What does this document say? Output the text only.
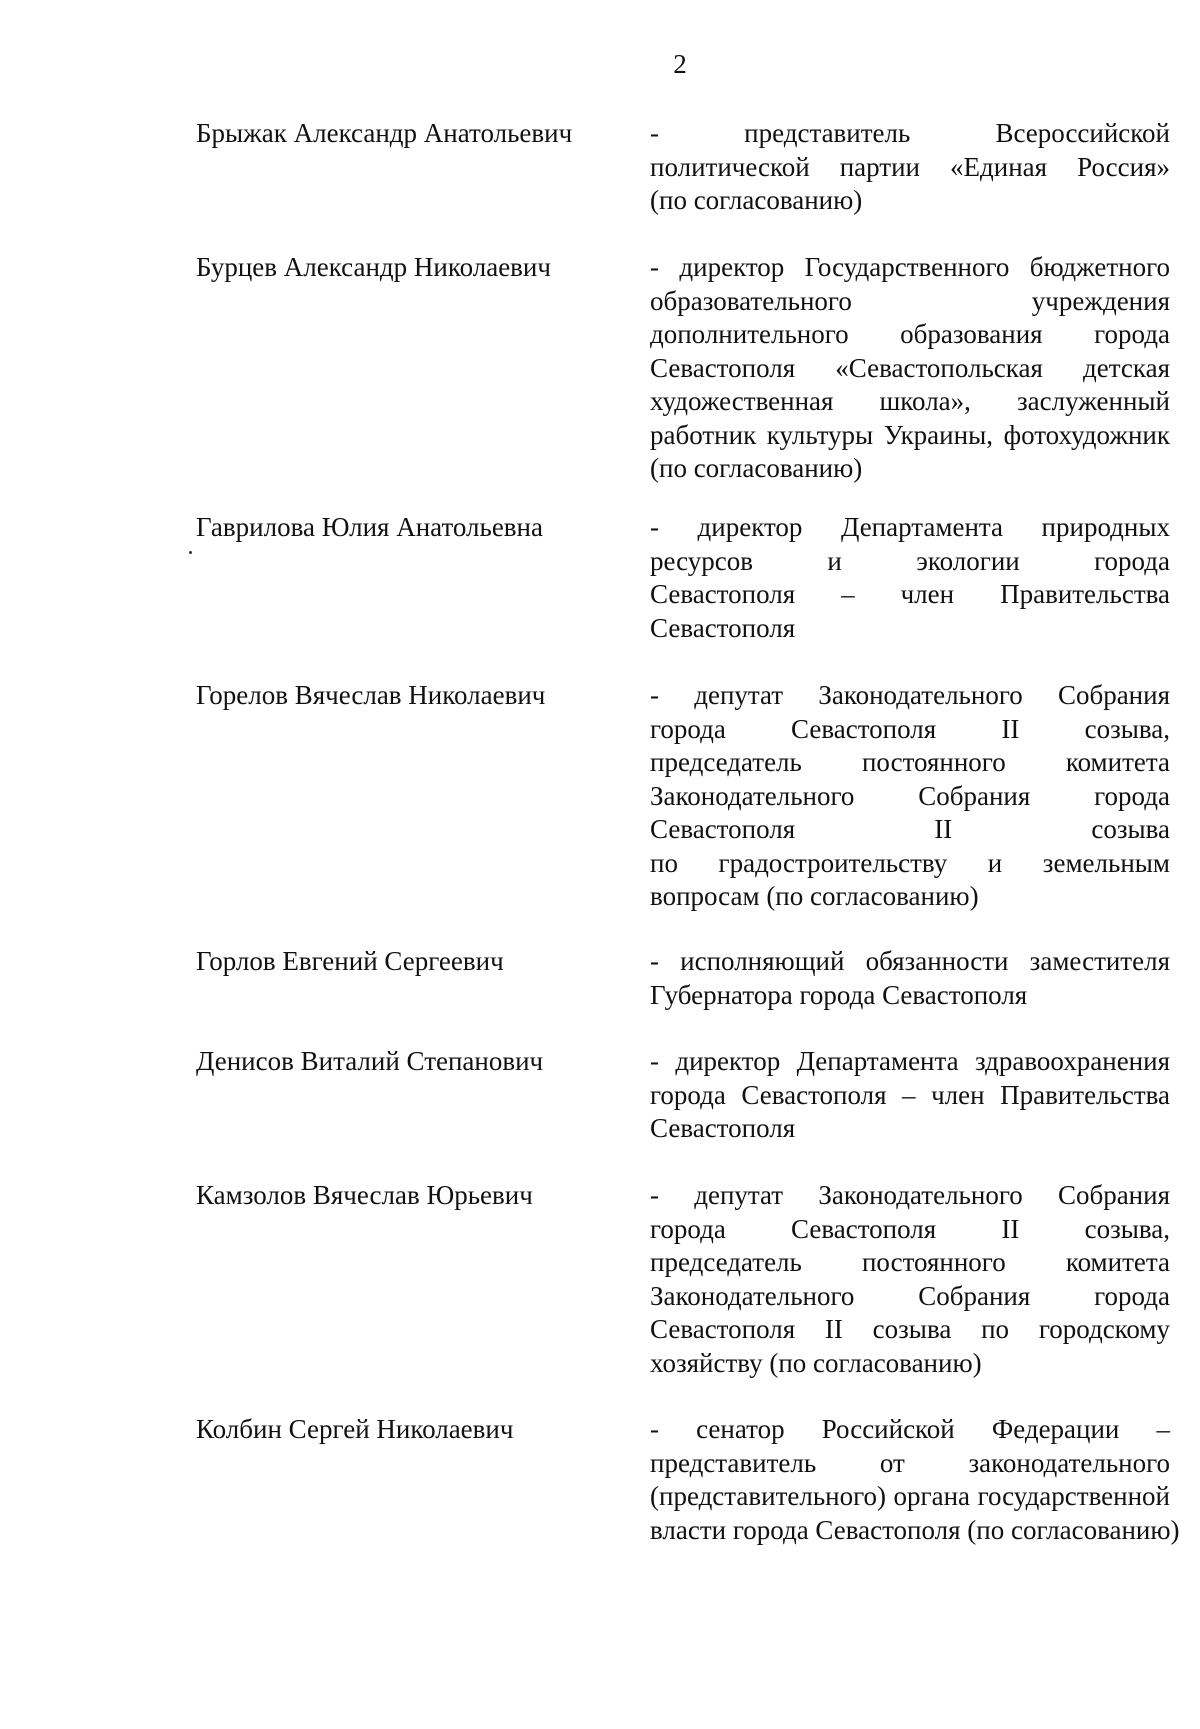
2
Брыжак Александр Анатольевич	- представитель Всероссийской
политической партии «Единая Россия»
(по согласованию)
Бурцев Александр Николаевич	- директор Государственного бюджетного
образовательного учреждения
дополнительного образования города
Севастополя «Севастопольская детская
художественная школа», заслуженный
работник культуры Украины, фотохудожник
(по согласованию)
Гаврилова Юлия Анатольевна	- директор Департамента природных
ресурсов и экологии города
Севастополя – член Правительства
Севастополя
Горелов Вячеслав Николаевич	- депутат Законодательного Собрания
города Севастополя II созыва,
председатель постоянного комитета
Законодательного Собрания города
Севастополя II созыва
по градостроительству и земельным
вопросам (по согласованию)
Горлов Евгений Сергеевич	- исполняющий обязанности заместителя
Губернатора города Севастополя
Денисов Виталий Степанович	- директор Департамента здравоохранения
города Севастополя – член Правительства
Севастополя
Камзолов Вячеслав Юрьевич	- депутат Законодательного Собрания
города Севастополя II созыва,
председатель постоянного комитета
Законодательного Собрания города
Севастополя II созыва по городскому
хозяйству (по согласованию)
Колбин Сергей Николаевич	- сенатор Российской Федерации –
представитель от законодательного
(представительного) органа государственной
власти города Севастополя (по согласованию)
